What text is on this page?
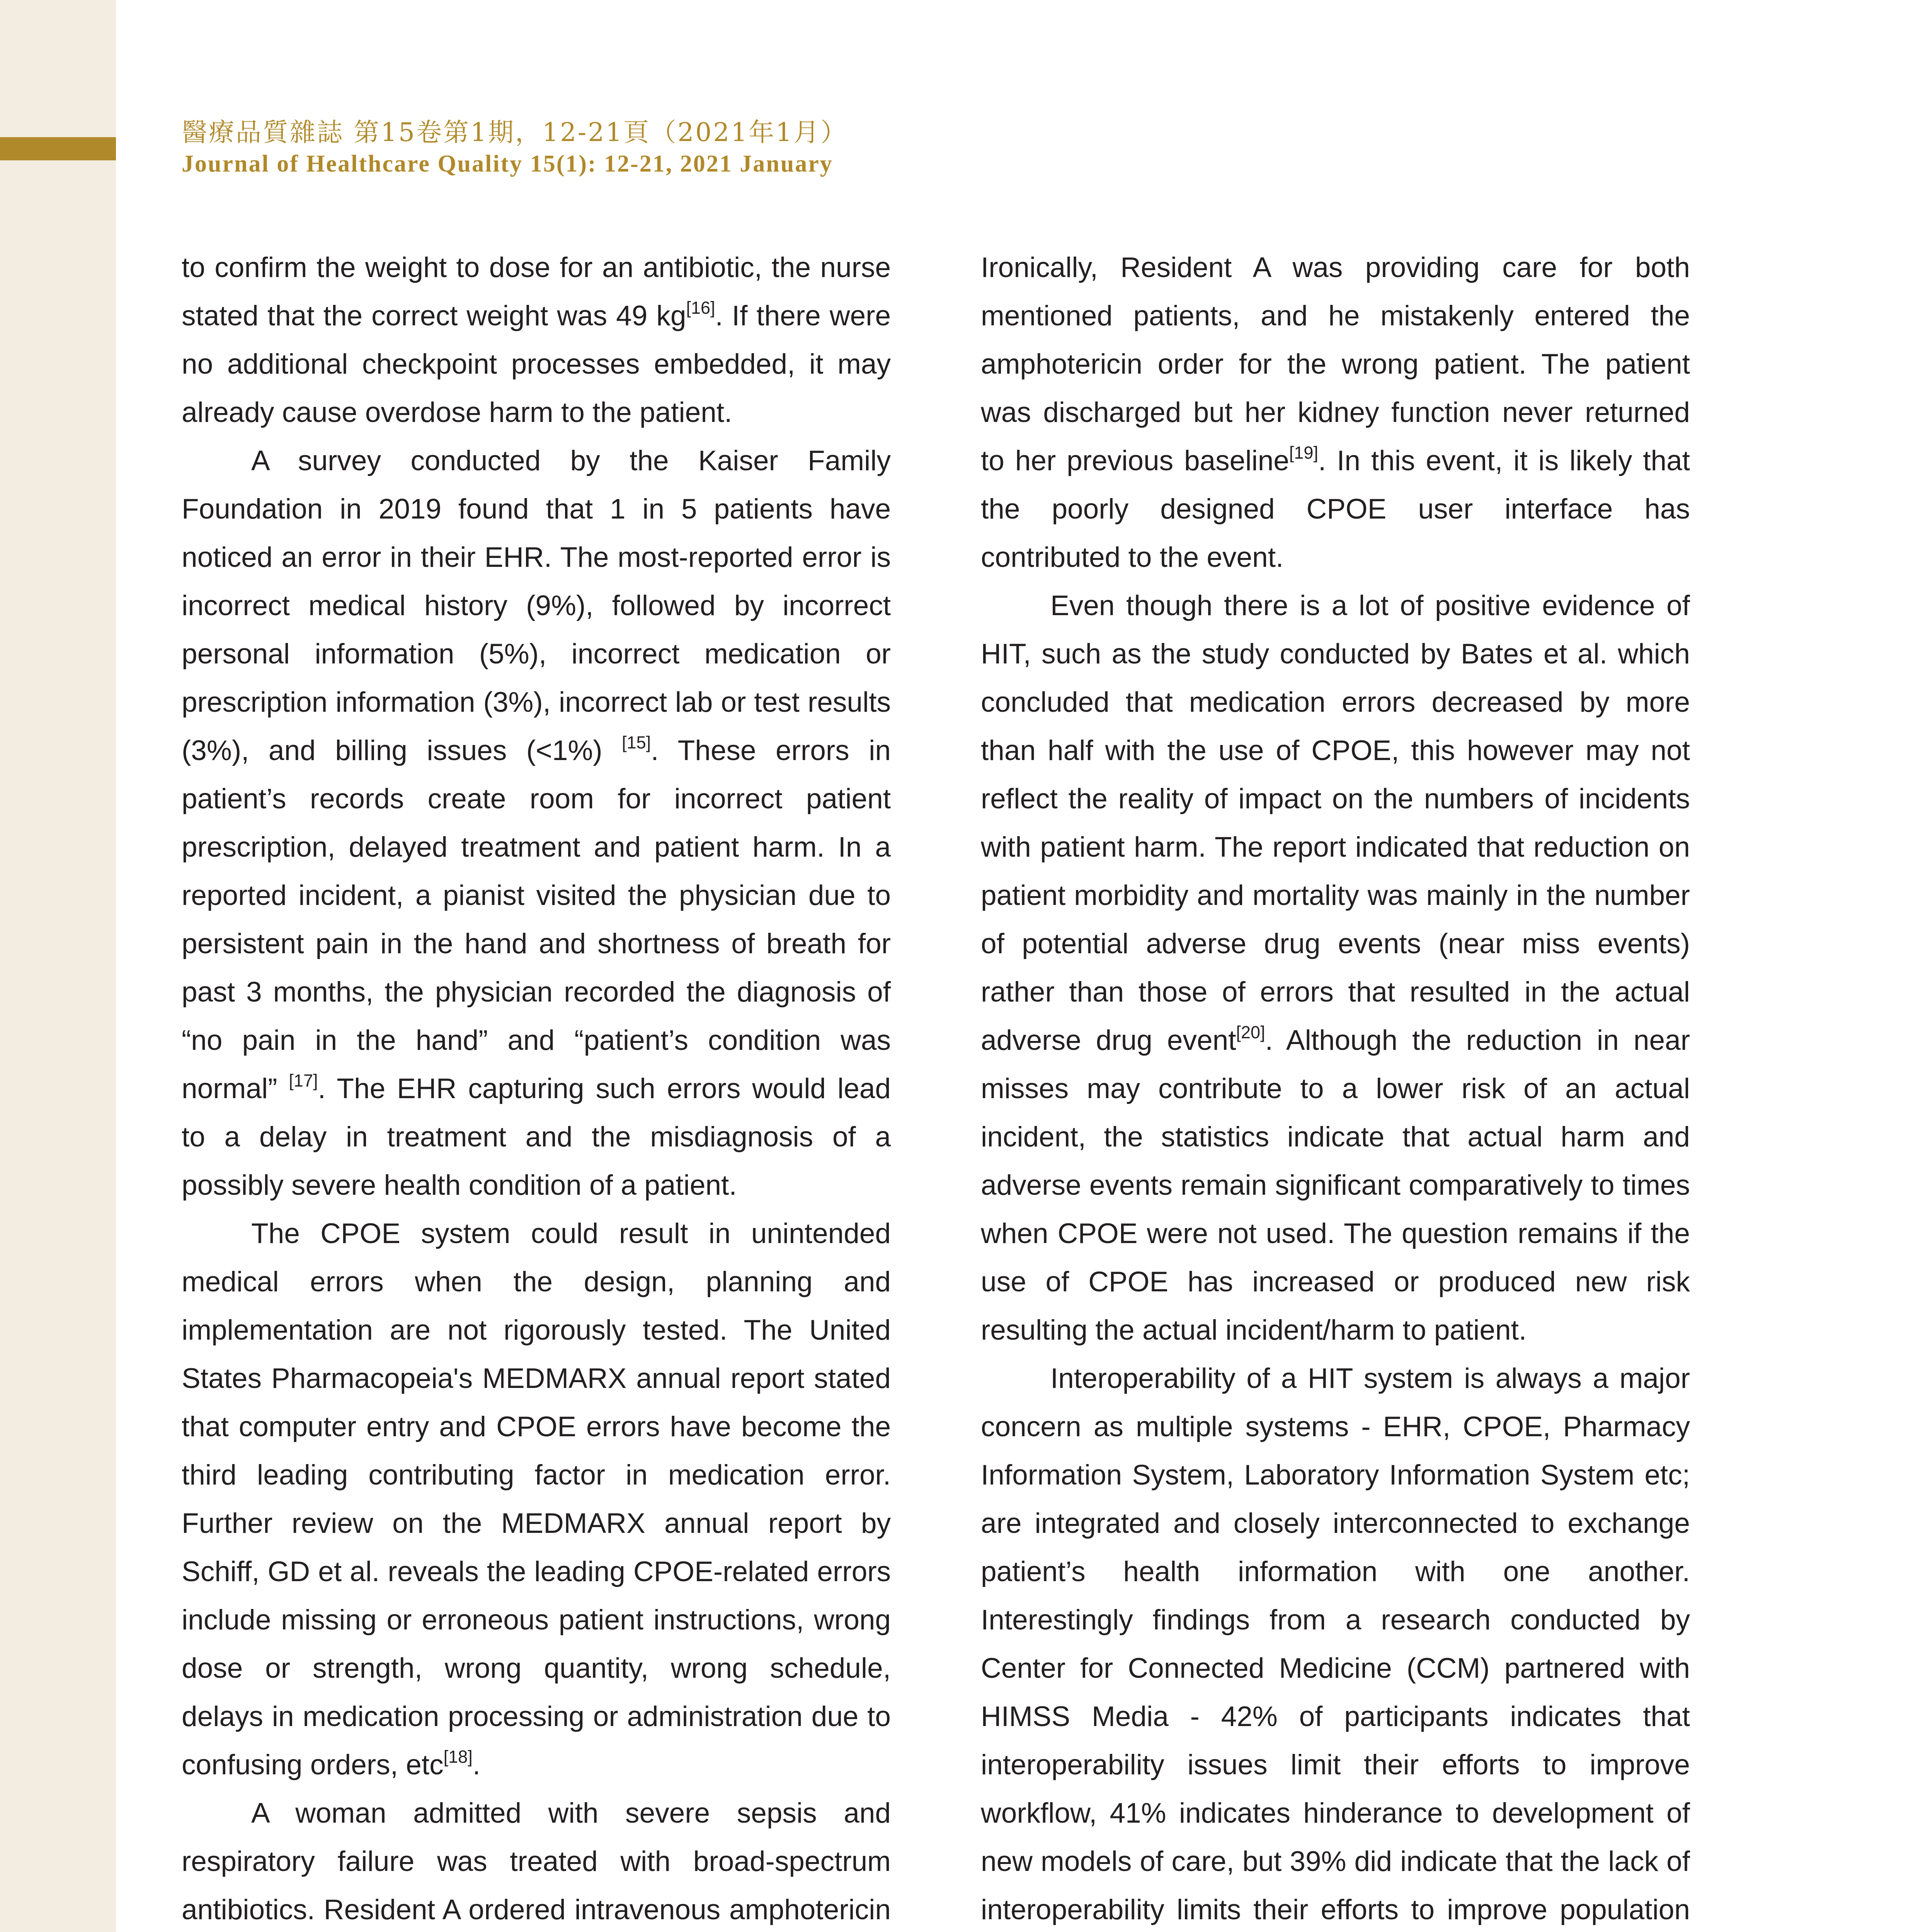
醫療品質雜誌 第15卷第1期，12-21頁（2021年1月）
Journal of Healthcare Quality 15(1): 12-21, 2021 January

to confirm the weight to dose for an antibiotic, the nurse stated that the correct weight was 49 kg[16]. If there were no additional checkpoint processes embedded, it may already cause overdose harm to the patient.

A survey conducted by the Kaiser Family Foundation in 2019 found that 1 in 5 patients have noticed an error in their EHR. The most-reported error is incorrect medical history (9%), followed by incorrect personal information (5%), incorrect medication or prescription information (3%), incorrect lab or test results (3%), and billing issues (<1%) [15]. These errors in patient’s records create room for incorrect patient prescription, delayed treatment and patient harm. In a reported incident, a pianist visited the physician due to persistent pain in the hand and shortness of breath for past 3 months, the physician recorded the diagnosis of “no pain in the hand” and “patient’s condition was normal” [17]. The EHR capturing such errors would lead to a delay in treatment and the misdiagnosis of a possibly severe health condition of a patient.

The CPOE system could result in unintended medical errors when the design, planning and implementation are not rigorously tested. The United States Pharmacopeia's MEDMARX annual report stated that computer entry and CPOE errors have become the third leading contributing factor in medication error. Further review on the MEDMARX annual report by Schiff, GD et al. reveals the leading CPOE-related errors include missing or erroneous patient instructions, wrong dose or strength, wrong quantity, wrong schedule, delays in medication processing or administration due to confusing orders, etc[18].

A woman admitted with severe sepsis and respiratory failure was treated with broad-spectrum antibiotics. Resident A ordered intravenous amphotericin

Ironically, Resident A was providing care for both mentioned patients, and he mistakenly entered the amphotericin order for the wrong patient. The patient was discharged but her kidney function never returned to her previous baseline[19]. In this event, it is likely that the poorly designed CPOE user interface has contributed to the event.

Even though there is a lot of positive evidence of HIT, such as the study conducted by Bates et al. which concluded that medication errors decreased by more than half with the use of CPOE, this however may not reflect the reality of impact on the numbers of incidents with patient harm. The report indicated that reduction on patient morbidity and mortality was mainly in the number of potential adverse drug events (near miss events) rather than those of errors that resulted in the actual adverse drug event[20]. Although the reduction in near misses may contribute to a lower risk of an actual incident, the statistics indicate that actual harm and adverse events remain significant comparatively to times when CPOE were not used. The question remains if the use of CPOE has increased or produced new risk resulting the actual incident/harm to patient.

Interoperability of a HIT system is always a major concern as multiple systems - EHR, CPOE, Pharmacy Information System, Laboratory Information System etc; are integrated and closely interconnected to exchange patient’s health information with one another. Interestingly findings from a research conducted by Center for Connected Medicine (CCM) partnered with HIMSS Media - 42% of participants indicates that interoperability issues limit their efforts to improve workflow, 41% indicates hinderance to development of new models of care, but 39% did indicate that the lack of interoperability limits their efforts to improve population
